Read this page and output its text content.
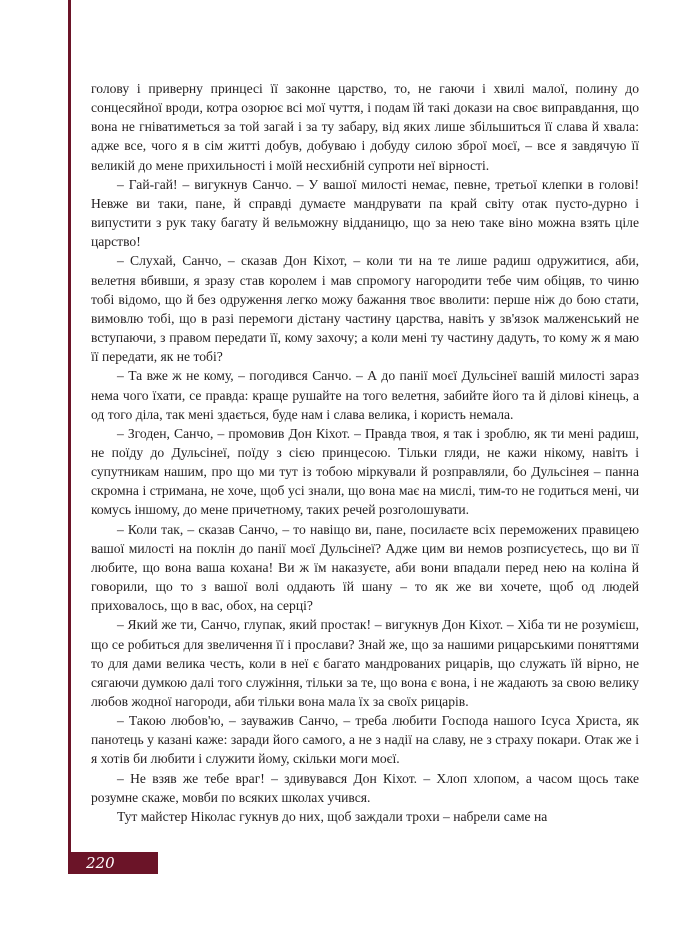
голову і приверну принцесі її законне царство, то, не гаючи і хвилі малої, полину до сонцесяйної вроди, котра озорює всі мої чуття, і подам їй такі докази на своє виправдання, що вона не гніватиметься за той загай і за ту забару, від яких лише збільшиться її слава й хвала: адже все, чого я в сім житті добув, добуваю і добуду силою зброї моєї, – все я завдячую її великій до мене прихильності і моїй несхибній супроти неї вірності.

– Гай-гай! – вигукнув Санчо. – У вашої милості немає, певне, третьої клепки в голові! Невже ви таки, пане, й справді думаєте мандрувати па край світу отак пусто-дурно і випустити з рук таку багату й вельможну відданицю, що за нею таке віно можна взять ціле царство!

– Слухай, Санчо, – сказав Дон Кіхот, – коли ти на те лише радиш одружитися, аби, велетня вбивши, я зразу став королем і мав спромогу нагородити тебе чим обіцяв, то чиню тобі відомо, що й без одруження легко можу бажання твоє вволити: перше ніж до бою стати, вимовлю тобі, що в разі перемоги дістану частину царства, навіть у зв'язок малженський не вступаючи, з правом передати її, кому захочу; а коли мені ту частину дадуть, то кому ж я маю її передати, як не тобі?

– Та вже ж не кому, – погодився Санчо. – А до панії моєї Дульсінеї вашій милості зараз нема чого їхати, се правда: краще рушайте на того велетня, забийте його та й ділові кінець, а од того діла, так мені здається, буде нам і слава велика, і користь немала.

– Згоден, Санчо, – промовив Дон Кіхот. – Правда твоя, я так і зроблю, як ти мені радиш, не поїду до Дульсінеї, поїду з сією принцесою. Тільки гляди, не кажи нікому, навіть і супутникам нашим, про що ми тут із тобою міркували й розправляли, бо Дульсінея – панна скромна і стримана, не хоче, щоб усі знали, що вона має на мислі, тим-то не годиться мені, чи комусь іншому, до мене причетному, таких речей розголошувати.

– Коли так, – сказав Санчо, – то навіщо ви, пане, посилаєте всіх переможених правицею вашої милості на поклін до панії моєї Дульсінеї? Адже цим ви немов розписуєтесь, що ви її любите, що вона ваша кохана! Ви ж їм наказуєте, аби вони впадали перед нею на коліна й говорили, що то з вашої волі оддають їй шану – то як же ви хочете, щоб од людей приховалось, що в вас, обох, на серці?

– Який же ти, Санчо, глупак, який простак! – вигукнув Дон Кіхот. – Хіба ти не розумієш, що се робиться для звеличення її і прослави? Знай же, що за нашими рицарськими поняттями то для дами велика честь, коли в неї є багато мандрованих рицарів, що служать їй вірно, не сягаючи думкою далі того служіння, тільки за те, що вона є вона, і не жадають за свою велику любов жодної нагороди, аби тільки вона мала їх за своїх рицарів.

– Такою любов'ю, – зауважив Санчо, – треба любити Господа нашого Ісуса Христа, як панотець у казані каже: заради його самого, а не з надії на славу, не з страху покари. Отак же і я хотів би любити і служити йому, скільки моги моєї.

– Не взяв же тебе враг! – здивувався Дон Кіхот. – Хлоп хлопом, а часом щось таке розумне скаже, мовби по всяких школах учився.

Тут майстер Ніколас гукнув до них, щоб заждали трохи – набрели саме на

220
